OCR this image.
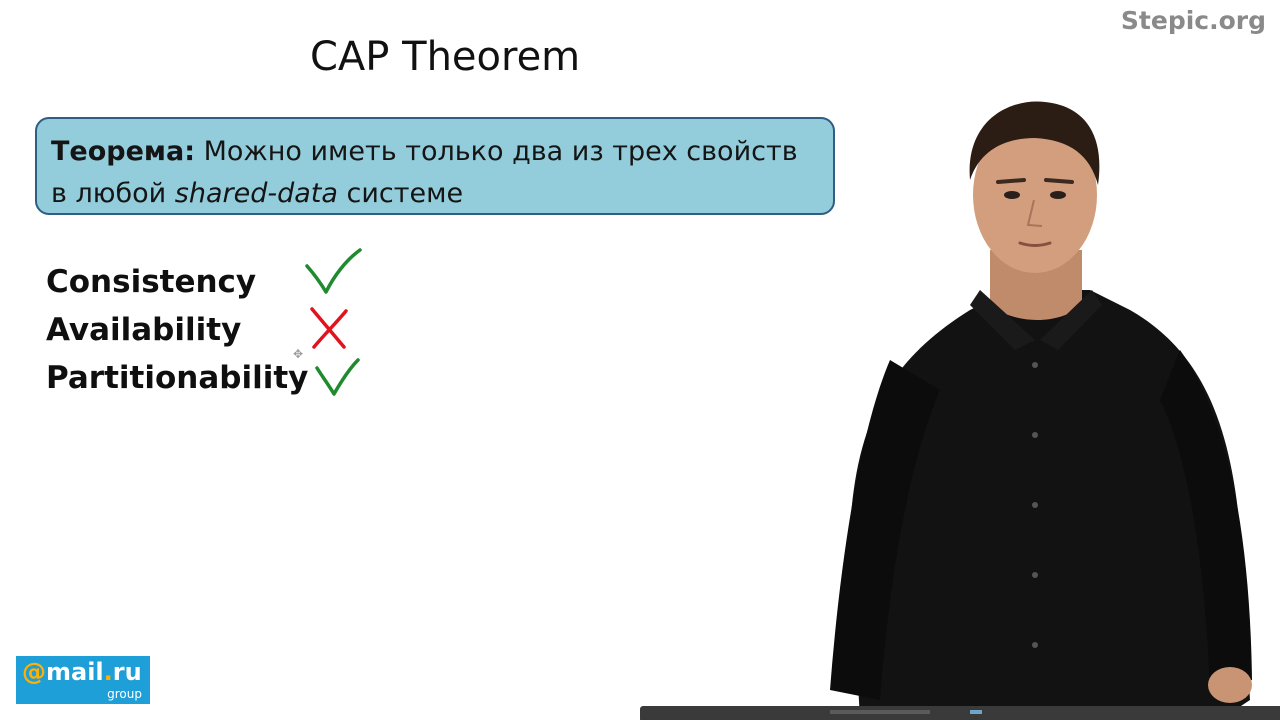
Stepic.org
CAP Theorem
Теорема: Можно иметь только два из трех свойств
в любой shared-data системе
Consistency
Availability
Partitionability
✥
@mail.ru
group
